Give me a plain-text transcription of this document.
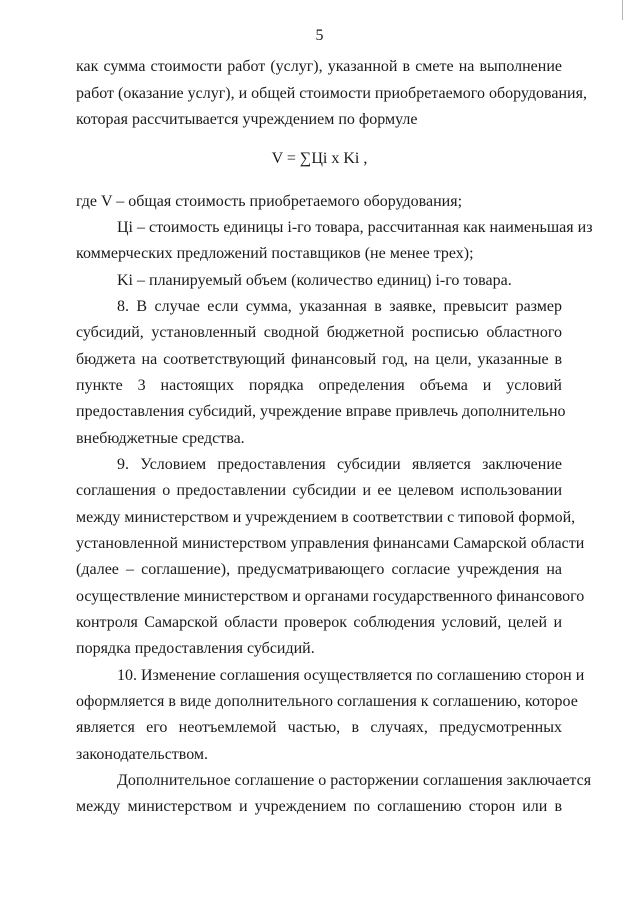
5
как сумма стоимости работ (услуг), указанной в смете на выполнение
работ (оказание услуг), и общей стоимости приобретаемого оборудования,
которая рассчитывается учреждением по формуле
V = ∑Цi x Ki ,
где V – общая стоимость приобретаемого оборудования;
Цi – стоимость единицы i-го товара, рассчитанная как наименьшая из
коммерческих предложений поставщиков (не менее трех);
Ki – планируемый объем (количество единиц) i-го товара.
8. В случае если сумма, указанная в заявке, превысит размер
субсидий, установленный сводной бюджетной росписью областного
бюджета на соответствующий финансовый год, на цели, указанные в
пункте 3 настоящих порядка определения объема и условий
предоставления субсидий, учреждение вправе привлечь дополнительно
внебюджетные средства.
9. Условием предоставления субсидии является заключение
соглашения о предоставлении субсидии и ее целевом использовании
между министерством и учреждением в соответствии с типовой формой,
установленной министерством управления финансами Самарской области
(далее – соглашение), предусматривающего согласие учреждения на
осуществление министерством и органами государственного финансового
контроля Самарской области проверок соблюдения условий, целей и
порядка предоставления субсидий.
10. Изменение соглашения осуществляется по соглашению сторон и
оформляется в виде дополнительного соглашения к соглашению, которое
является его неотъемлемой частью, в случаях, предусмотренных
законодательством.
Дополнительное соглашение о расторжении соглашения заключается
между министерством и учреждением по соглашению сторон или в
